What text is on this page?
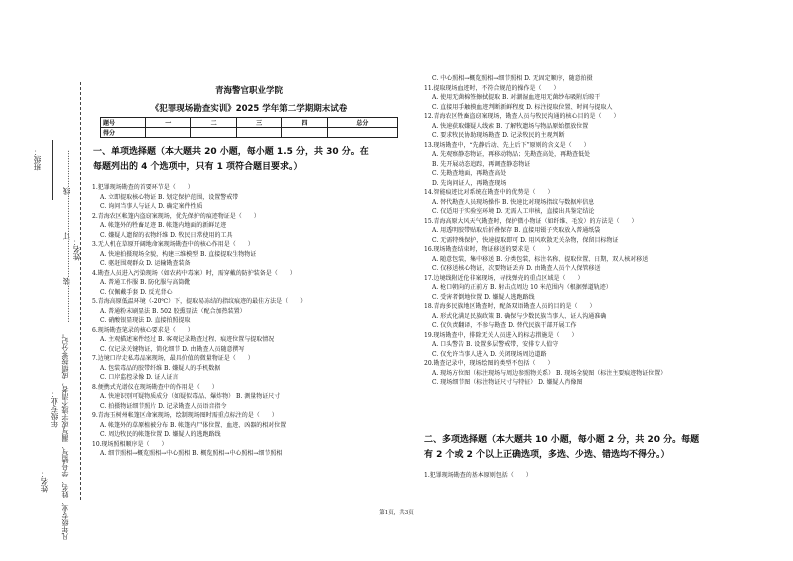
班级：
姓名：
年级专业：
姓名：
……………装……………订……………线……………
凡年级专业、姓名、学号错写、漏写或字迹不清者，成绩按零分记。
青海警官职业学院
《犯罪现场勘查实训》2025 学年第二学期期末试卷
题号	一	二	三	四	总分
得分					

一、单项选择题（本大题共 20 小题，每小题 1.5 分，共 30 分。在

每题列出的 4 个选项中，只有 1 项符合题目要求。）

1.犯罪现场勘查的首要环节是（　　）
A. 立即提取核心物证 B. 划定保护范围，设置警戒带
C. 询问当事人与证人 D. 确定案件性质
2.青海农区帐篷内盗窃案现场，优先保护的痕迹物证是（　　）
A. 帐篷外的牲畜足迹 B. 帐篷内地面的新鲜足迹
C. 嫌疑人遗留的衣物纤维 D. 牧民日常使用的工具
3.无人机在草原开阔地命案现场勘查中的核心作用是（　　）
A. 快速拍摄现场全貌，构建三维模型 B. 直接提取生物物证
C. 驱赶围观群众 D. 运输勘查装备
4.勘查人员进入污染现场（如农药中毒案）时，需穿戴的防护装备是（　　）
A. 普通工作服 B. 防化服与高筒靴
C. 仅佩戴手套 D. 反光背心
5.青海高原低温环境（-20℃）下，提取易冻结的指纹痕迹的最佳方法是（　　）
A. 普通粉末刷显法 B. 502 胶熏显法（配合加热装置）
C. 硝酸银显现法 D. 直接拍照提取
6.现场勘查笔录的核心要求是（　　）
A. 主观描述案件经过 B. 客观记录勘查过程、痕迹位置与提取情况
C. 仅记录关键物证，简化细节 D. 由勘查人员随意撰写
7.边境口岸走私毒品案现场，最具价值的微量物证是（　　）
A. 包装毒品的胶带纤维 B. 嫌疑人的手机数据
C. 口岸监控录像 D. 证人证言
8.便携式光谱仪在现场勘查中的作用是（　　）
A. 快速识别可疑物质成分（如疑似毒品、爆炸物） B. 测量物证尺寸
C. 拍摄物证细节照片 D. 记录勘查人员语音指令
9.青海玉树州帐篷区命案现场，绘制现场图时需重点标注的是（　　）
A. 帐篷外的草原植被分布 B. 帐篷内尸体位置、血迹、凶器的相对位置
C. 周边牧民的帐篷位置 D. 嫌疑人的逃跑路线
10.现场照相顺序是（　　）
A. 细节照相→概览照相→中心照相 B. 概览照相→中心照相→细节照相
C. 中心照相→概览照相→细节照相 D. 无固定顺序，随意拍摄
11.提取现场血迹时，不符合规范的操作是（　　）
A. 使用无菌棉签擦拭提取 B. 对潮湿血迹用无菌纱布吸附后晾干
C. 直接用手触摸血迹判断新鲜程度 D. 标注提取位置、时间与提取人
12.青海农区牲畜盗窃案现场，勘查人员与牧民沟通的核心目的是（　　）
A. 快速获取嫌疑人线索 B. 了解牧遗场与物品原始摆放位置
C. 要求牧民协助现场勘查 D. 记录牧民的主观判断
13.现场勘查中，“先静后动、先上后下”原则的含义是（　　）
A. 先观察静态物证，再移动物品；先勘查高处，再勘查低处
B. 先开展动态追踪，再调查静态物证
C. 先勘查地面，再勘查高处
D. 先询问证人，再勘查现场
14.智能痕迹比对系统在勘查中的优势是（　　）
A. 替代勘查人员现场操作 B. 快速比对现场指纹与数据库信息
C. 仅适用于实验室环境 D. 无需人工审核，直接出具鉴定结论
15.青海高原大风天气勘查时，保护微小物证（如纤维、毛发）的方法是（　　）
A. 用透明胶带贴取后折叠保存 B. 直接用镊子夹取放入普通纸袋
C. 无需特殊保护，快速提取即可 D. 用风吹散无关杂物，保留目标物证
16.现场勘查结束时，物证移送的要求是（　　）
A. 随意包装，集中移送 B. 分类包装，标注名称、提取位置、日期，双人核对移送
C. 仅移送核心物证，次要物证丢弃 D. 由勘查人员个人保管移送
17.边境线附近伦非案现场，寻找弹壳的重点区域是（　　）
A. 枪口朝向的正前方 B. 射击点周边 10 米范围内（根据弹道轨迹）
C. 受害者倒地位置 D. 嫌疑人逃跑路线
18.青海多民族地区勘查时，配备双语勘查人员的目的是（　　）
A. 形式化满足民族政策 B. 确保与少数民族当事人、证人沟通准确
C. 仅负责翻译，不参与勘查 D. 替代民族干部开展工作
19.现场勘查中，排除无关人员进入的标志措施是（　　）
A. 口头警告 B. 设置多层警戒带，安排专人值守
C. 仅允许当事人进入 D. 关闭现场周边道路
20.勘查记录中，现场绘图的类型不包括（　　）
A. 现场方位图（标注现场与周边参照物关系） B. 现场全貌图（标注主要痕迹物证位置）
C. 现场细节图（标注物证尺寸与特征） D. 嫌疑人肖像图

二、多项选择题（本大题共 10 小题，每小题 2 分，共 20 分。每题

有 2 个或 2 个以上正确选项，多选、少选、错选均不得分。）

1.犯罪现场勘查的基本原则包括（　　）
第1页，共3页
